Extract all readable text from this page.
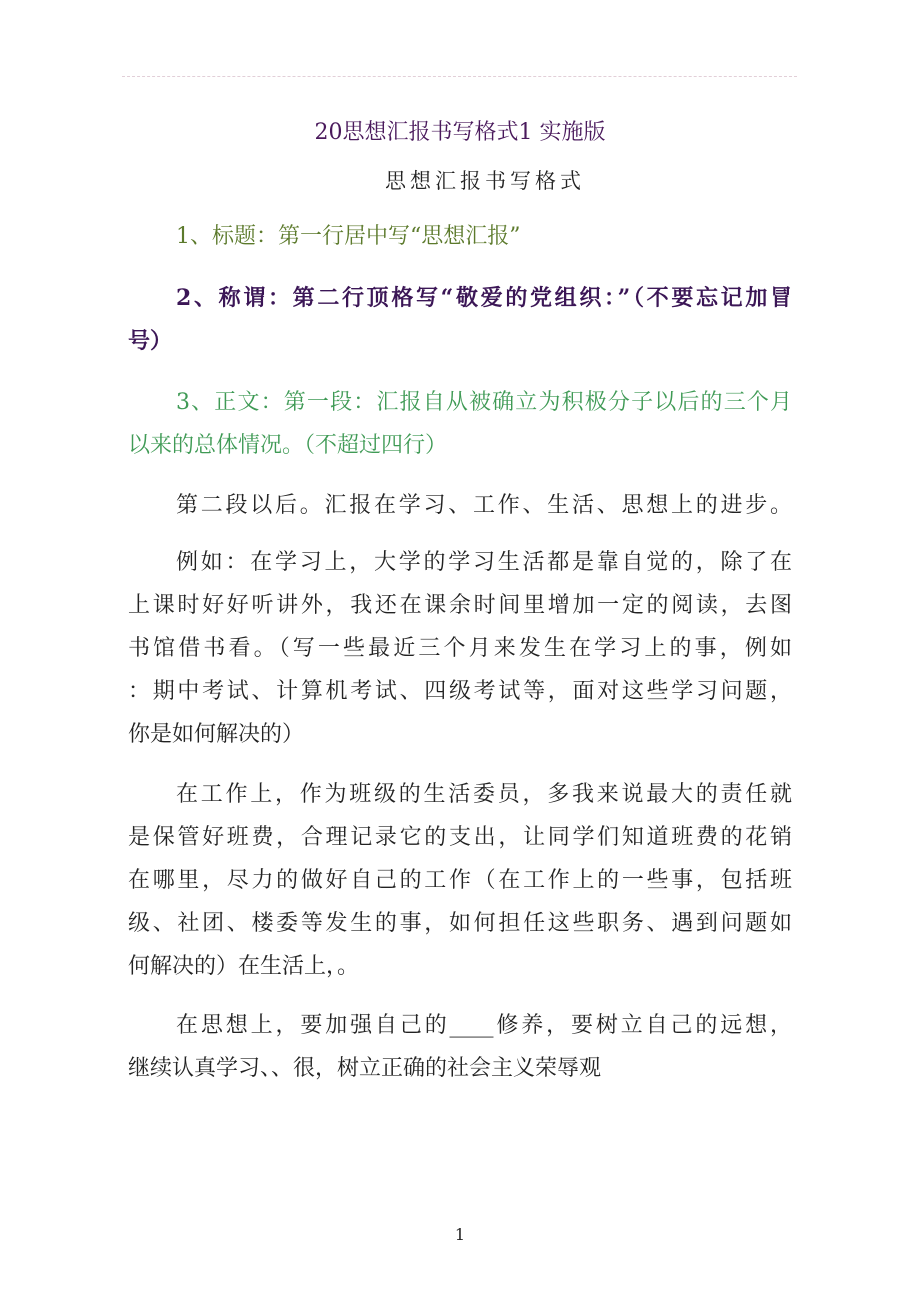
20思想汇报书写格式1 实施版
思想汇报书写格式
1、标题：第一行居中写“思想汇报”
2、称谓：第二行顶格写“敬爱的党组织：”（不要忘记加冒
号）
3、正文：第一段：汇报自从被确立为积极分子以后的三个月
以来的总体情况。（不超过四行）
第二段以后。汇报在学习、工作、生活、思想上的进步。
例如：在学习上，大学的学习生活都是靠自觉的，除了在
上课时好好听讲外，我还在课余时间里增加一定的阅读，去图
书馆借书看。（写一些最近三个月来发生在学习上的事，例如
：期中考试、计算机考试、四级考试等，面对这些学习问题，
你是如何解决的）
在工作上，作为班级的生活委员，多我来说最大的责任就
是保管好班费，合理记录它的支出，让同学们知道班费的花销
在哪里，尽力的做好自己的工作（在工作上的一些事，包括班
级、社团、楼委等发生的事，如何担任这些职务、遇到问题如
何解决的）在生活上，。
在思想上，要加强自己的____修养，要树立自己的远想，
继续认真学习、、很，树立正确的社会主义荣辱观
1
